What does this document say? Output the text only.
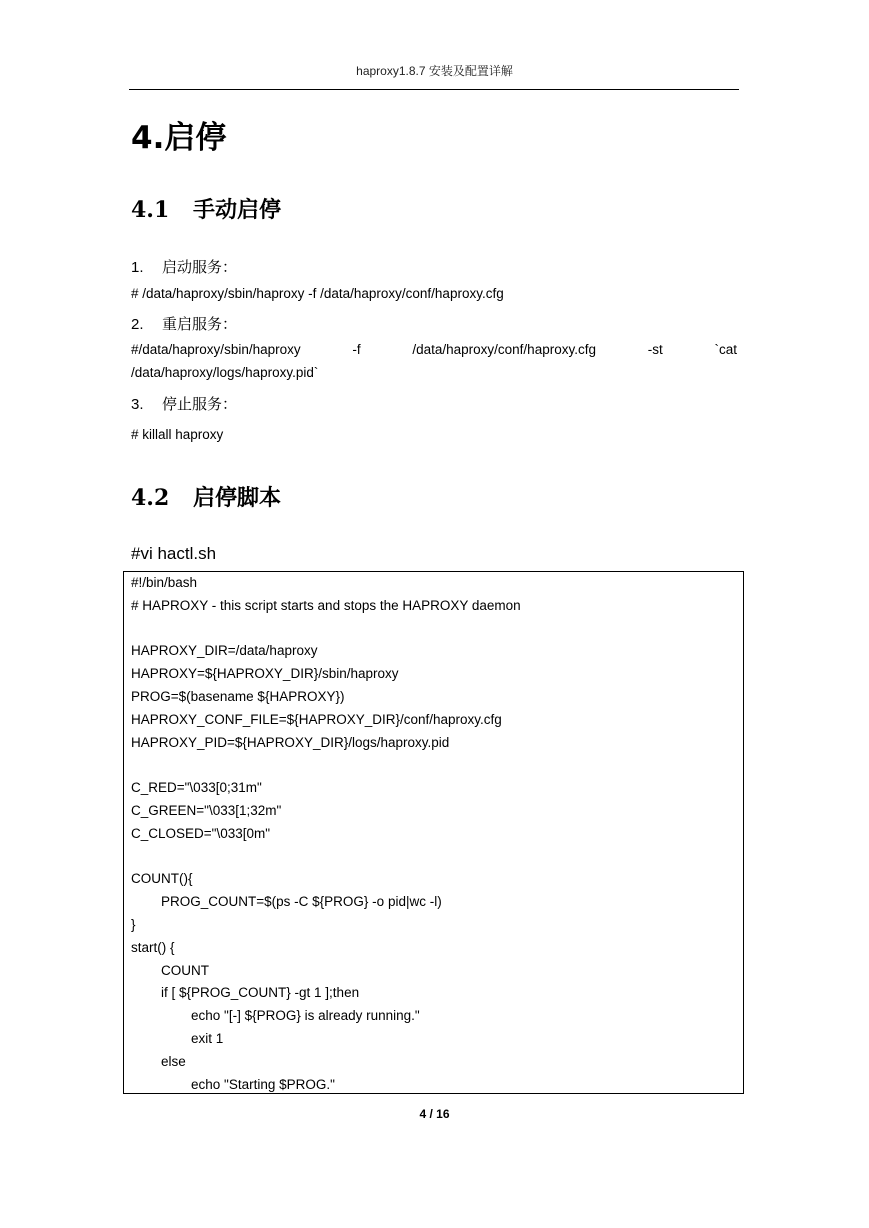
haproxy1.8.7 安装及配置详解
4.启停
4.1 手动启停
1. 启动服务：
# /data/haproxy/sbin/haproxy -f /data/haproxy/conf/haproxy.cfg
2. 重启服务：
#/data/haproxy/sbin/haproxy	-f	/data/haproxy/conf/haproxy.cfg	-st	`cat
/data/haproxy/logs/haproxy.pid`
3. 停止服务：
# killall haproxy
4.2 启停脚本
#vi hactl.sh
#!/bin/bash
# HAPROXY - this script starts and stops the HAPROXY daemon
HAPROXY_DIR=/data/haproxy
HAPROXY=${HAPROXY_DIR}/sbin/haproxy
PROG=$(basename ${HAPROXY})
HAPROXY_CONF_FILE=${HAPROXY_DIR}/conf/haproxy.cfg
HAPROXY_PID=${HAPROXY_DIR}/logs/haproxy.pid
C_RED="\033[0;31m"
C_GREEN="\033[1;32m"
C_CLOSED="\033[0m"
COUNT(){
PROG_COUNT=$(ps -C ${PROG} -o pid|wc -l)
}
start() {
COUNT
if [ ${PROG_COUNT} -gt 1 ];then
echo "[-] ${PROG} is already running."
exit 1
else
echo "Starting $PROG."
4 / 16
